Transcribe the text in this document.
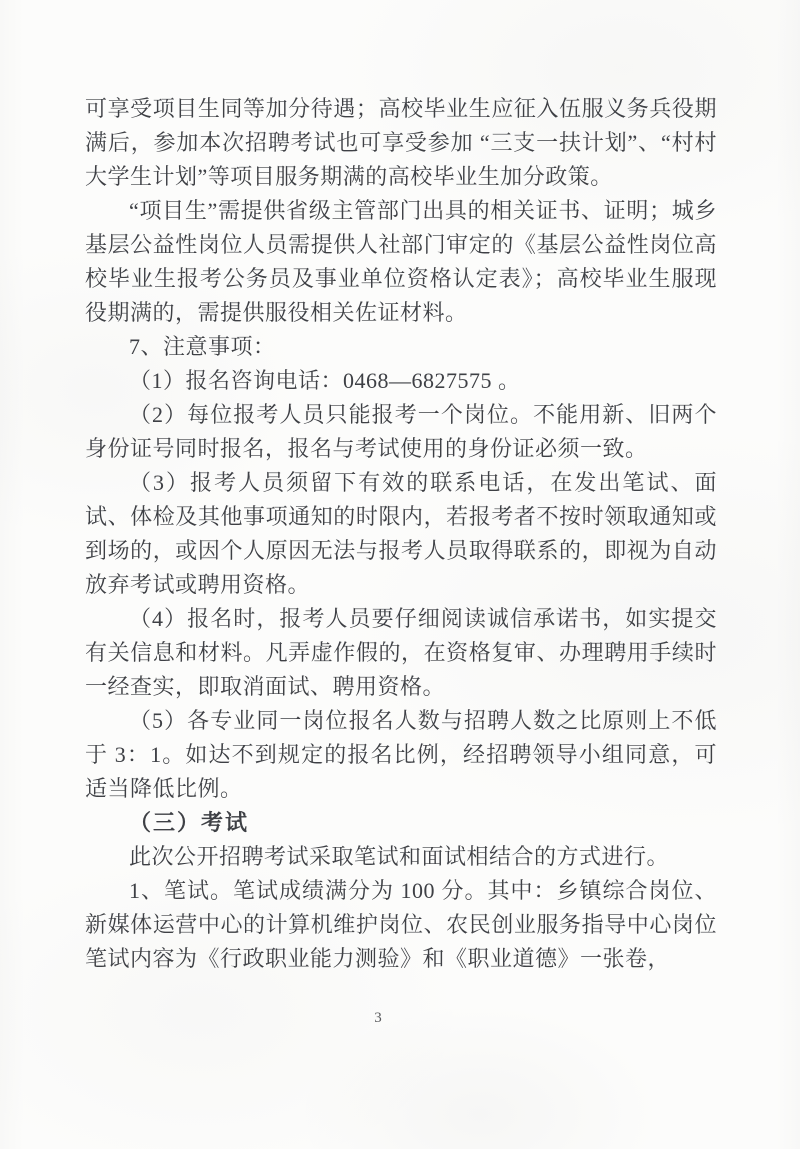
可享受项目生同等加分待遇；高校毕业生应征入伍服义务兵役期满后，参加本次招聘考试也可享受参加 “三支一扶计划”、“村村大学生计划”等项目服务期满的高校毕业生加分政策。

“项目生”需提供省级主管部门出具的相关证书、证明；城乡基层公益性岗位人员需提供人社部门审定的《基层公益性岗位高校毕业生报考公务员及事业单位资格认定表》；高校毕业生服现役期满的，需提供服役相关佐证材料。

7、注意事项：

（1）报名咨询电话：0468—6827575 。

（2）每位报考人员只能报考一个岗位。不能用新、旧两个身份证号同时报名，报名与考试使用的身份证必须一致。

（3）报考人员须留下有效的联系电话，在发出笔试、面试、体检及其他事项通知的时限内，若报考者不按时领取通知或到场的，或因个人原因无法与报考人员取得联系的，即视为自动放弃考试或聘用资格。

（4）报名时，报考人员要仔细阅读诚信承诺书，如实提交有关信息和材料。凡弄虚作假的，在资格复审、办理聘用手续时一经查实，即取消面试、聘用资格。

（5）各专业同一岗位报名人数与招聘人数之比原则上不低于 3：1。如达不到规定的报名比例，经招聘领导小组同意，可适当降低比例。

（三）考试

此次公开招聘考试采取笔试和面试相结合的方式进行。

1、笔试。笔试成绩满分为 100 分。其中：乡镇综合岗位、新媒体运营中心的计算机维护岗位、农民创业服务指导中心岗位笔试内容为《行政职业能力测验》和《职业道德》一张卷，

3
